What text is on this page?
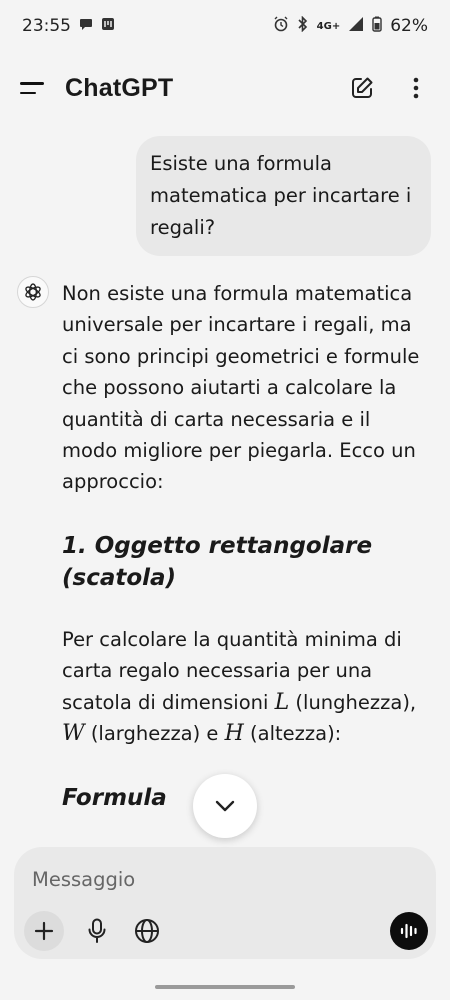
23:55	4G+	62%
ChatGPT
Esiste una formula matematica per incartare i regali?

Non esiste una formula matematica universale per incartare i regali, ma ci sono principi geometrici e formule che possono aiutarti a calcolare la quantità di carta necessaria e il modo migliore per piegarla. Ecco un approccio:

1. Oggetto rettangolare (scatola)

Per calcolare la quantità minima di carta regalo necessaria per una scatola di dimensioni L (lunghezza), W (larghezza) e H (altezza):

Formula
Messaggio
